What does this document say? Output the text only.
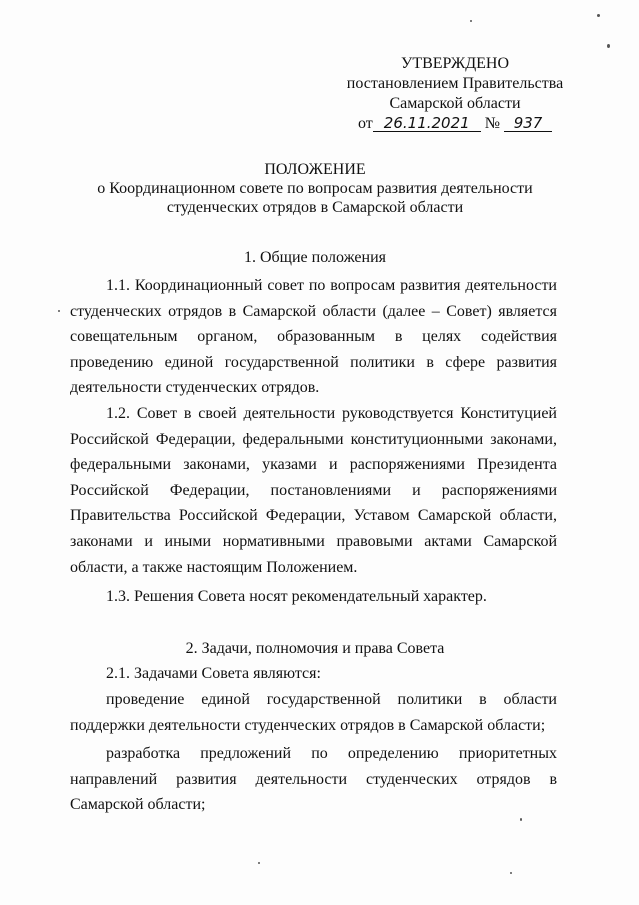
УТВЕРЖДЕНО
постановлением Правительства
Самарской области
от 26.11.2021 № 937
ПОЛОЖЕНИЕ
о Координационном совете по вопросам развития деятельности
студенческих отрядов в Самарской области
1. Общие положения

1.1. Координационный совет по вопросам развития деятельности студенческих отрядов в Самарской области (далее – Совет) является совещательным органом, образованным в целях содействия проведению единой государственной политики в сфере развития деятельности студенческих отрядов.

1.2. Совет в своей деятельности руководствуется Конституцией Российской Федерации, федеральными конституционными законами, федеральными законами, указами и распоряжениями Президента Российской Федерации, постановлениями и распоряжениями Правительства Российской Федерации, Уставом Самарской области, законами и иными нормативными правовыми актами Самарской области, а также настоящим Положением.

1.3. Решения Совета носят рекомендательный характер.

2. Задачи, полномочия и права Совета

2.1. Задачами Совета являются:

проведение единой государственной политики в области поддержки деятельности студенческих отрядов в Самарской области;

разработка предложений по определению приоритетных направлений развития деятельности студенческих отрядов в Самарской области;
